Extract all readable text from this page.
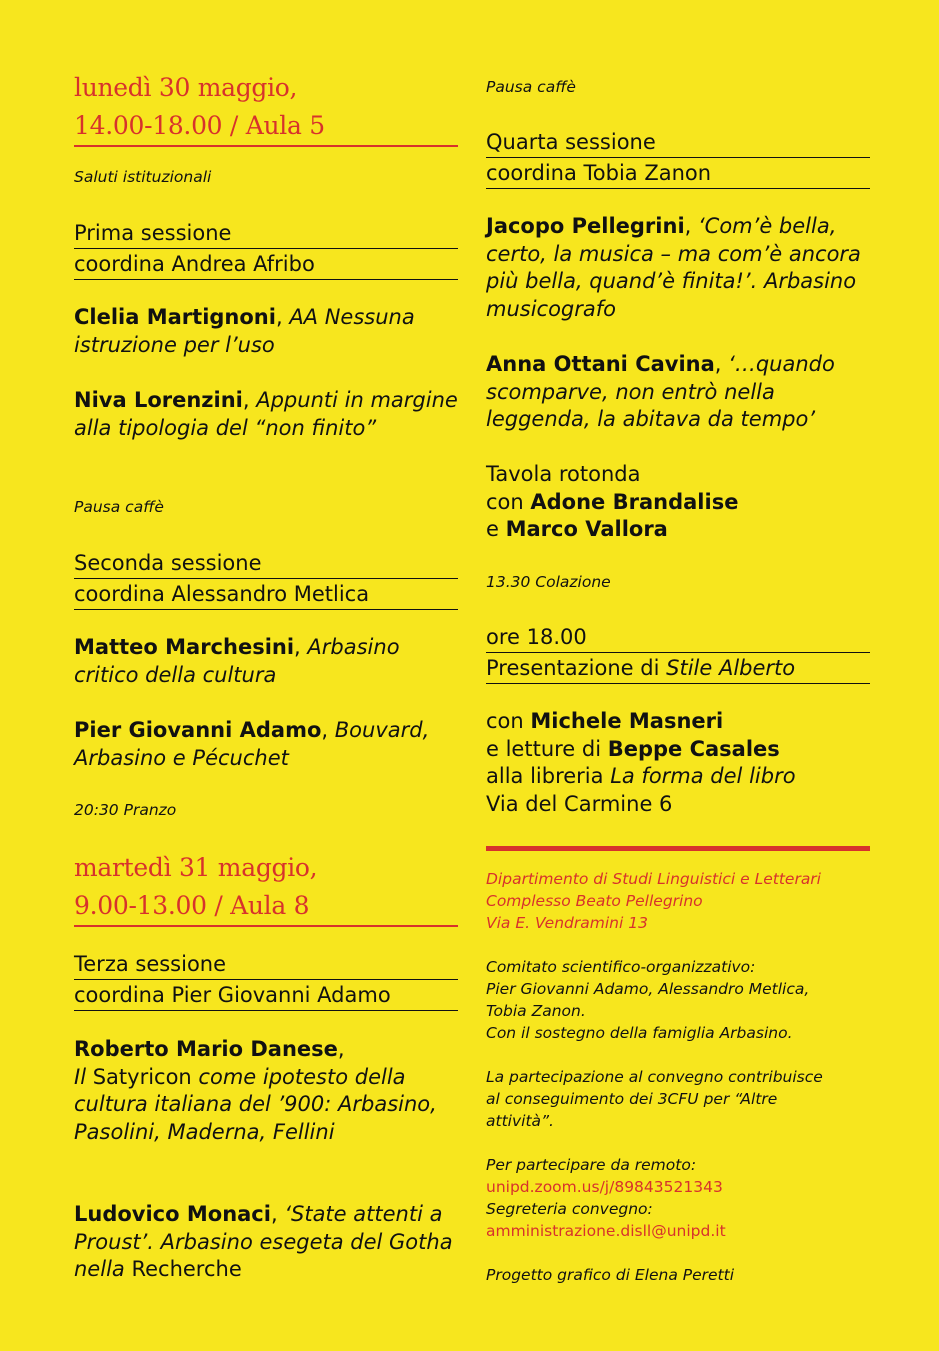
lunedì 30 maggio,
14.00-18.00 / Aula 5
Saluti istituzionali
Prima sessione
coordina Andrea Afribo
Clelia Martignoni, AA Nessuna istruzione per l’uso
Niva Lorenzini, Appunti in margine alla tipologia del “non finito”
Pausa caffè
Seconda sessione
coordina Alessandro Metlica
Matteo Marchesini, Arbasino critico della cultura
Pier Giovanni Adamo, Bouvard, Arbasino e Pécuchet
20:30 Pranzo
martedì 31 maggio,
9.00-13.00 / Aula 8
Terza sessione
coordina Pier Giovanni Adamo
Roberto Mario Danese,
Il Satyricon come ipotesto della cultura italiana del ’900: Arbasino, Pasolini, Maderna, Fellini
Ludovico Monaci, ‘State attenti a Proust’. Arbasino esegeta del Gotha nella Recherche
Pausa caffè
Quarta sessione
coordina Tobia Zanon
Jacopo Pellegrini, ‘Com’è bella, certo, la musica – ma com’è ancora più bella, quand’è finita!’. Arbasino musicografo
Anna Ottani Cavina, ‘…quando scomparve, non entrò nella leggenda, la abitava da tempo’
Tavola rotonda
con Adone Brandalise
e Marco Vallora
13.30 Colazione
ore 18.00
Presentazione di Stile Alberto
con Michele Masneri
e letture di Beppe Casales
alla libreria La forma del libro
Via del Carmine 6
Dipartimento di Studi Linguistici e Letterari
Complesso Beato Pellegrino
Via E. Vendramini 13
Comitato scientifico-organizzativo:
Pier Giovanni Adamo, Alessandro Metlica,
Tobia Zanon.
Con il sostegno della famiglia Arbasino.
La partecipazione al convegno contribuisce
al conseguimento dei 3CFU per “Altre
attività”.
Per partecipare da remoto:
unipd.zoom.us/j/89843521343
Segreteria convegno:
amministrazione.disll@unipd.it
Progetto grafico di Elena Peretti
